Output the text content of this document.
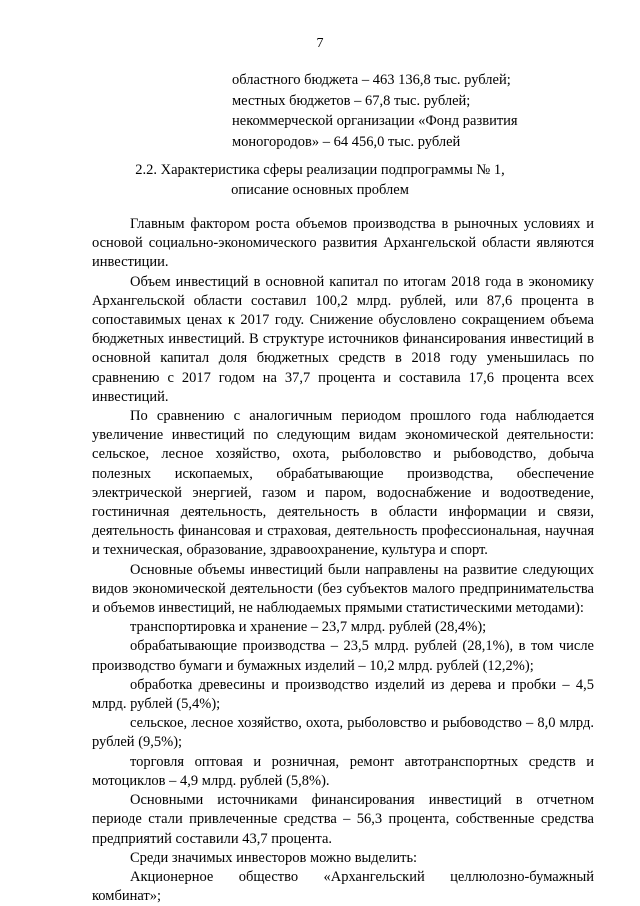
7
областного бюджета – 463 136,8 тыс. рублей;
местных бюджетов – 67,8 тыс. рублей;
некоммерческой организации «Фонд развития
моногородов» – 64 456,0 тыс. рублей
2.2. Характеристика сферы реализации подпрограммы № 1,
описание основных проблем

Главным фактором роста объемов производства в рыночных условиях и основой социально-экономического развития Архангельской области являются инвестиции.

Объем инвестиций в основной капитал по итогам 2018 года в экономику Архангельской области составил 100,2 млрд. рублей, или 87,6 процента в сопоставимых ценах к 2017 году. Снижение обусловлено сокращением объема бюджетных инвестиций. В структуре источников финансирования инвестиций в основной капитал доля бюджетных средств в 2018 году уменьшилась по сравнению с 2017 годом на 37,7 процента и составила 17,6 процента всех инвестиций.

По сравнению с аналогичным периодом прошлого года наблюдается увеличение инвестиций по следующим видам экономической деятельности: сельское, лесное хозяйство, охота, рыболовство и рыбоводство, добыча полезных ископаемых, обрабатывающие производства, обеспечение электрической энергией, газом и паром, водоснабжение и водоотведение, гостиничная деятельность, деятельность в области информации и связи, деятельность финансовая и страховая, деятельность профессиональная, научная и техническая, образование, здравоохранение, культура и спорт.

Основные объемы инвестиций были направлены на развитие следующих видов экономической деятельности (без субъектов малого предпринимательства и объемов инвестиций, не наблюдаемых прямыми статистическими методами):

транспортировка и хранение – 23,7 млрд. рублей (28,4%);

обрабатывающие производства – 23,5 млрд. рублей (28,1%), в том числе производство бумаги и бумажных изделий – 10,2 млрд. рублей (12,2%);

обработка древесины и производство изделий из дерева и пробки – 4,5 млрд. рублей (5,4%);

сельское, лесное хозяйство, охота, рыболовство и рыбоводство – 8,0 млрд. рублей (9,5%);

торговля оптовая и розничная, ремонт автотранспортных средств и мотоциклов – 4,9 млрд. рублей (5,8%).

Основными источниками финансирования инвестиций в отчетном периоде стали привлеченные средства – 56,3 процента, собственные средства предприятий составили 43,7 процента.

Среди значимых инвесторов можно выделить:

Акционерное общество «Архангельский целлюлозно-бумажный комбинат»;
